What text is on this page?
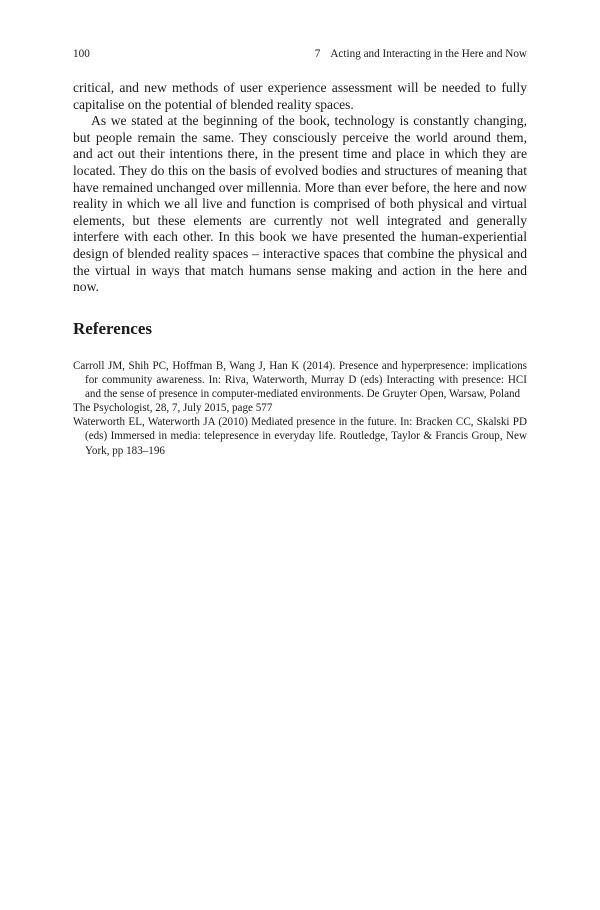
100	7 Acting and Interacting in the Here and Now

critical, and new methods of user experience assessment will be needed to fully capitalise on the potential of blended reality spaces.

As we stated at the beginning of the book, technology is constantly changing, but people remain the same. They consciously perceive the world around them, and act out their intentions there, in the present time and place in which they are located. They do this on the basis of evolved bodies and structures of meaning that have remained unchanged over millennia. More than ever before, the here and now reality in which we all live and function is comprised of both physical and virtual elements, but these elements are currently not well integrated and generally interfere with each other. In this book we have presented the human-experiential design of blended reality spaces – interactive spaces that combine the physical and the virtual in ways that match humans sense making and action in the here and now.

References
Carroll JM, Shih PC, Hoffman B, Wang J, Han K (2014). Presence and hyperpresence: implications for community awareness. In: Riva, Waterworth, Murray D (eds) Interacting with presence: HCI and the sense of presence in computer-mediated environments. De Gruyter Open, Warsaw, Poland
The Psychologist, 28, 7, July 2015, page 577
Waterworth EL, Waterworth JA (2010) Mediated presence in the future. In: Bracken CC, Skalski PD (eds) Immersed in media: telepresence in everyday life. Routledge, Taylor & Francis Group, New York, pp 183–196
